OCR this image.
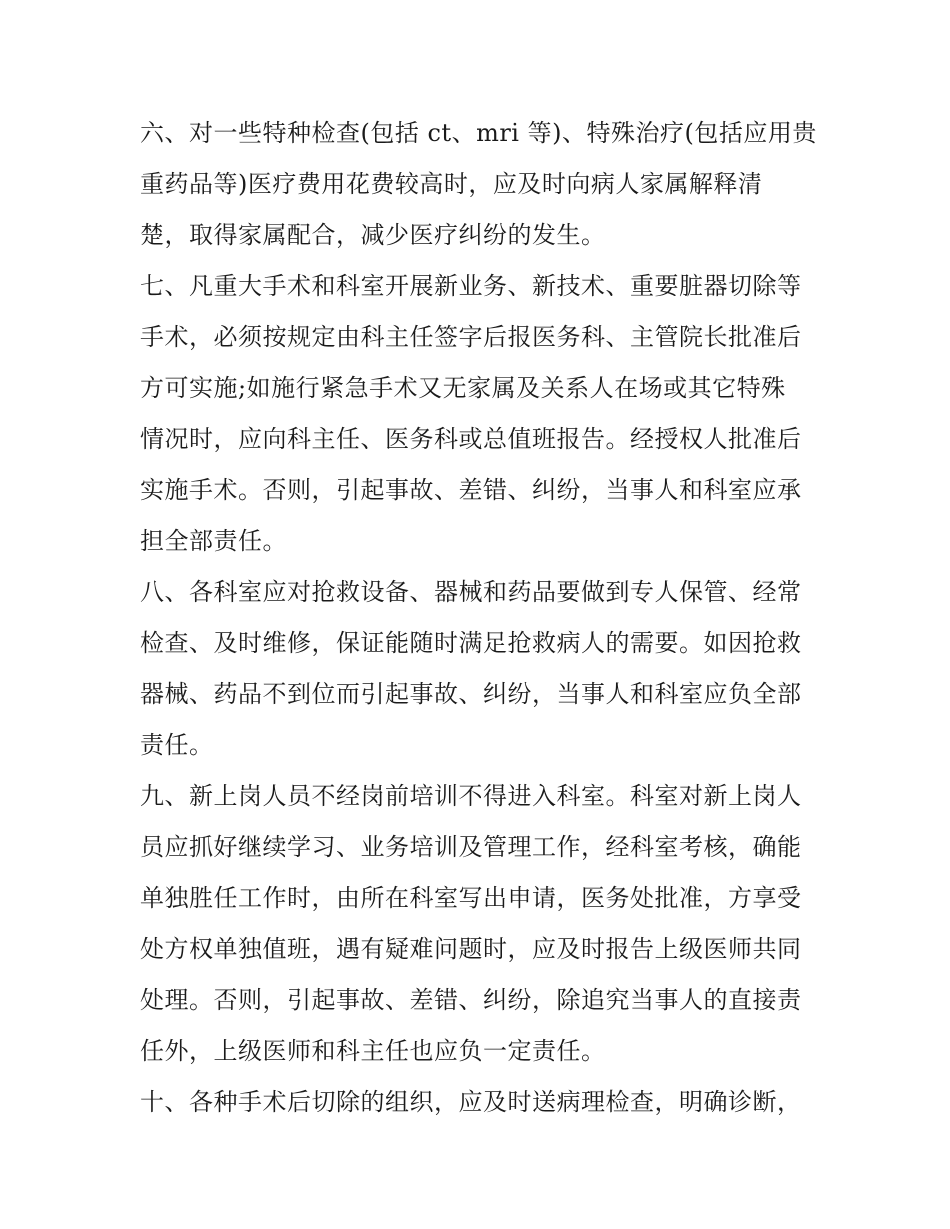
六、对一些特种检查(包括 ct、mri 等)、特殊治疗(包括应用贵
重药品等)医疗费用花费较高时，应及时向病人家属解释清
楚，取得家属配合，减少医疗纠纷的发生。
七、凡重大手术和科室开展新业务、新技术、重要脏器切除等
手术，必须按规定由科主任签字后报医务科、主管院长批准后
方可实施;如施行紧急手术又无家属及关系人在场或其它特殊
情况时，应向科主任、医务科或总值班报告。经授权人批准后
实施手术。否则，引起事故、差错、纠纷，当事人和科室应承
担全部责任。
八、各科室应对抢救设备、器械和药品要做到专人保管、经常
检查、及时维修，保证能随时满足抢救病人的需要。如因抢救
器械、药品不到位而引起事故、纠纷，当事人和科室应负全部
责任。
九、新上岗人员不经岗前培训不得进入科室。科室对新上岗人
员应抓好继续学习、业务培训及管理工作，经科室考核，确能
单独胜任工作时，由所在科室写出申请，医务处批准，方享受
处方权单独值班，遇有疑难问题时，应及时报告上级医师共同
处理。否则，引起事故、差错、纠纷，除追究当事人的直接责
任外，上级医师和科主任也应负一定责任。
十、各种手术后切除的组织，应及时送病理检查，明确诊断，
